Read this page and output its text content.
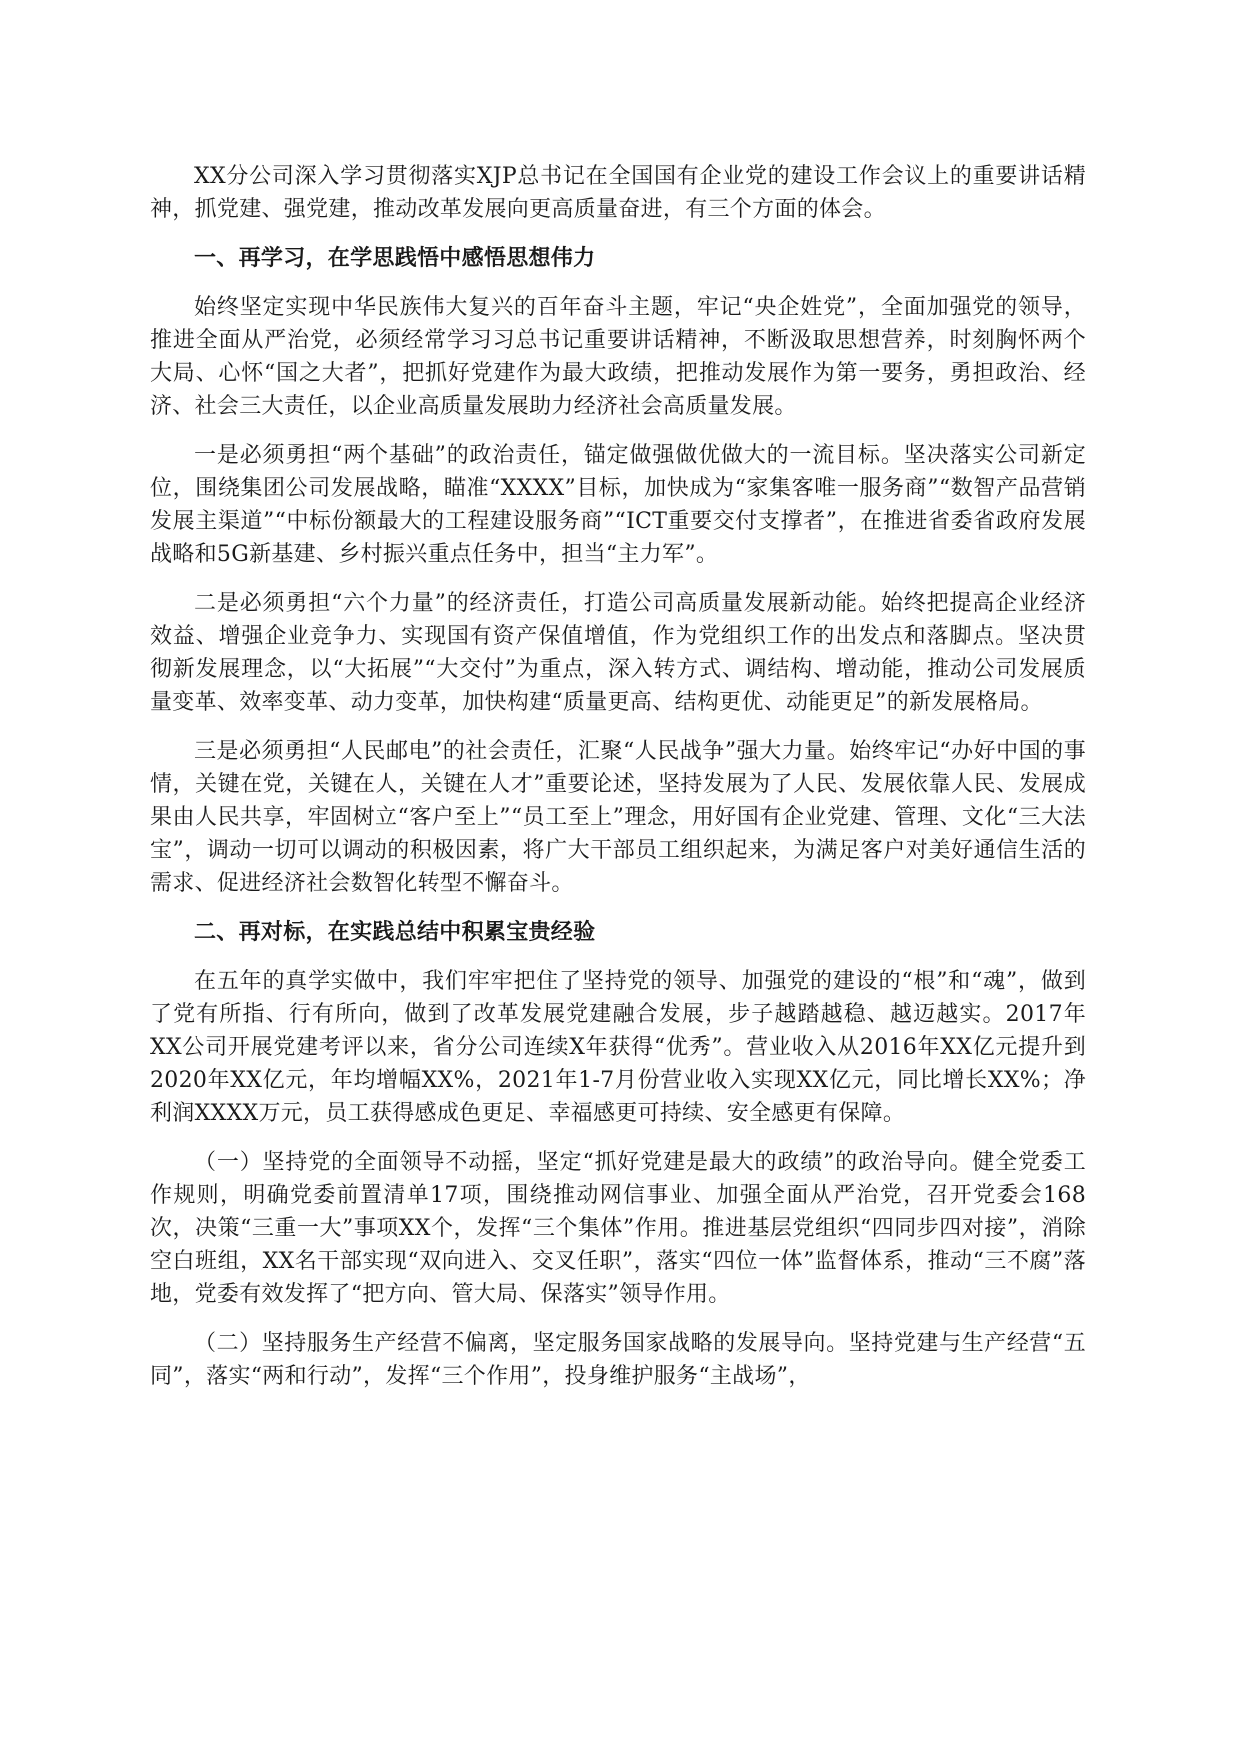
XX分公司深入学习贯彻落实XJP总书记在全国国有企业党的建设工作会议上的重要讲话精神，抓党建、强党建，推动改革发展向更高质量奋进，有三个方面的体会。

一、再学习，在学思践悟中感悟思想伟力

始终坚定实现中华民族伟大复兴的百年奋斗主题，牢记“央企姓党”，全面加强党的领导，推进全面从严治党，必须经常学习习总书记重要讲话精神，不断汲取思想营养，时刻胸怀两个大局、心怀“国之大者”，把抓好党建作为最大政绩，把推动发展作为第一要务，勇担政治、经济、社会三大责任，以企业高质量发展助力经济社会高质量发展。

一是必须勇担“两个基础”的政治责任，锚定做强做优做大的一流目标。坚决落实公司新定位，围绕集团公司发展战略，瞄准“XXXX”目标，加快成为“家集客唯一服务商”“数智产品营销发展主渠道”“中标份额最大的工程建设服务商”“ICT重要交付支撑者”，在推进省委省政府发展战略和5G新基建、乡村振兴重点任务中，担当“主力军”。

二是必须勇担“六个力量”的经济责任，打造公司高质量发展新动能。始终把提高企业经济效益、增强企业竞争力、实现国有资产保值增值，作为党组织工作的出发点和落脚点。坚决贯彻新发展理念，以“大拓展”“大交付”为重点，深入转方式、调结构、增动能，推动公司发展质量变革、效率变革、动力变革，加快构建“质量更高、结构更优、动能更足”的新发展格局。

三是必须勇担“人民邮电”的社会责任，汇聚“人民战争”强大力量。始终牢记“办好中国的事情，关键在党，关键在人，关键在人才”重要论述，坚持发展为了人民、发展依靠人民、发展成果由人民共享，牢固树立“客户至上”“员工至上”理念，用好国有企业党建、管理、文化“三大法宝”，调动一切可以调动的积极因素，将广大干部员工组织起来，为满足客户对美好通信生活的需求、促进经济社会数智化转型不懈奋斗。

二、再对标，在实践总结中积累宝贵经验

在五年的真学实做中，我们牢牢把住了坚持党的领导、加强党的建设的“根”和“魂”，做到了党有所指、行有所向，做到了改革发展党建融合发展，步子越踏越稳、越迈越实。2017年XX公司开展党建考评以来，省分公司连续X年获得“优秀”。营业收入从2016年XX亿元提升到2020年XX亿元，年均增幅XX%，2021年1-7月份营业收入实现XX亿元，同比增长XX%；净利润XXXX万元，员工获得感成色更足、幸福感更可持续、安全感更有保障。

（一）坚持党的全面领导不动摇，坚定“抓好党建是最大的政绩”的政治导向。健全党委工作规则，明确党委前置清单17项，围绕推动网信事业、加强全面从严治党，召开党委会168次，决策“三重一大”事项XX个，发挥“三个集体”作用。推进基层党组织“四同步四对接”，消除空白班组，XX名干部实现“双向进入、交叉任职”，落实“四位一体”监督体系，推动“三不腐”落地，党委有效发挥了“把方向、管大局、保落实”领导作用。

（二）坚持服务生产经营不偏离，坚定服务国家战略的发展导向。坚持党建与生产经营“五同”，落实“两和行动”，发挥“三个作用”，投身维护服务“主战场”，
